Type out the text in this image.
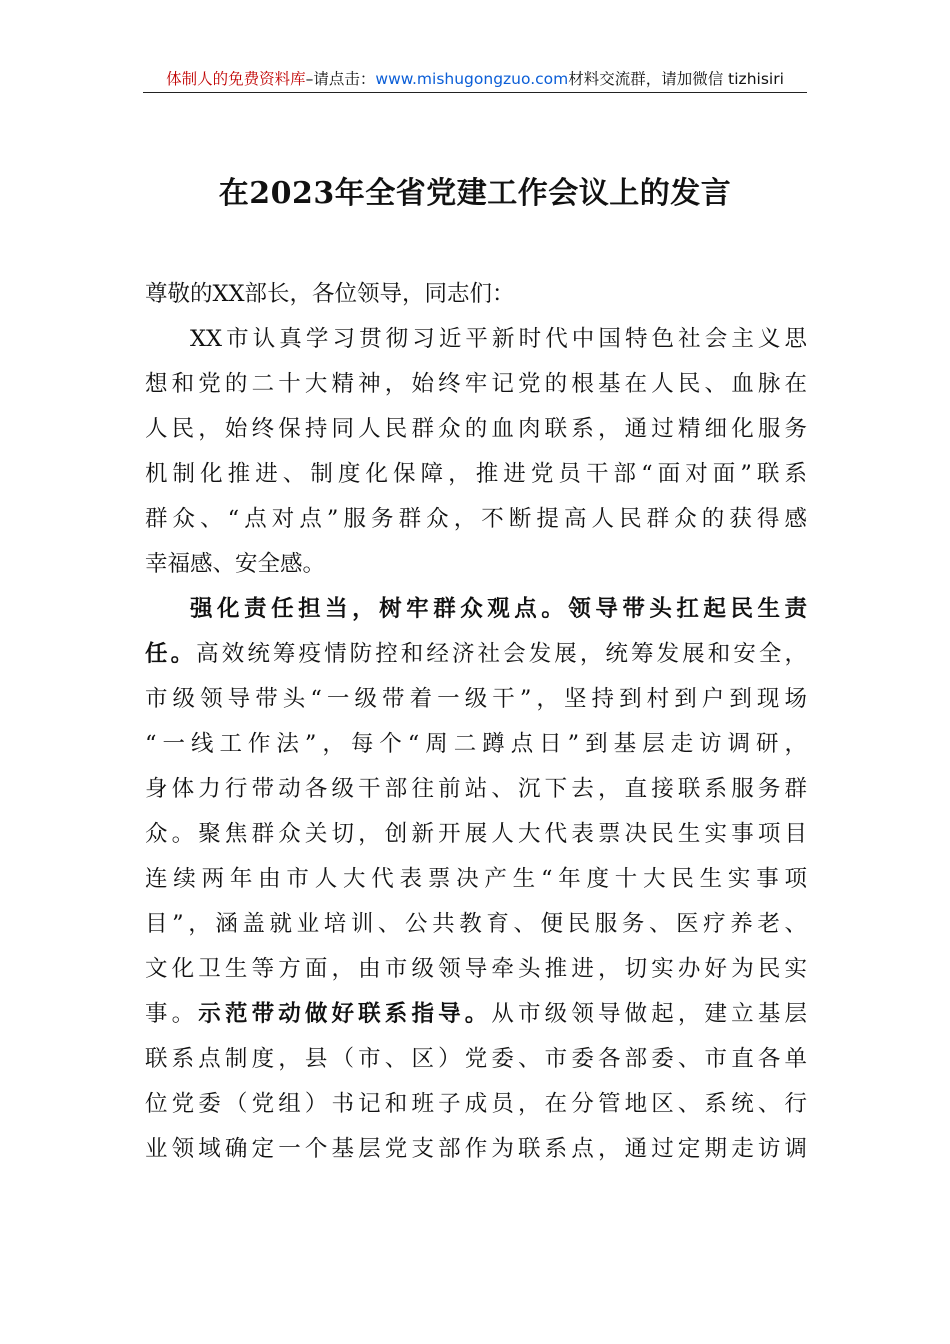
体制人的免费资料库–请点击：www.mishugongzuo.com材料交流群，请加微信 tizhisiri
在2023年全省党建工作会议上的发言
尊敬的XX部长，各位领导，同志们：
XX市认真学习贯彻习近平新时代中国特色社会主义思
想和党的二十大精神，始终牢记党的根基在人民、血脉在
人民，始终保持同人民群众的血肉联系，通过精细化服务
机制化推进、制度化保障，推进党员干部“面对面”联系
群众、“点对点”服务群众，不断提高人民群众的获得感
幸福感、安全感。
强化责任担当，树牢群众观点。领导带头扛起民生责
任。高效统筹疫情防控和经济社会发展，统筹发展和安全，
市级领导带头“一级带着一级干”，坚持到村到户到现场
“一线工作法”，每个“周二蹲点日”到基层走访调研，
身体力行带动各级干部往前站、沉下去，直接联系服务群
众。聚焦群众关切，创新开展人大代表票决民生实事项目
连续两年由市人大代表票决产生“年度十大民生实事项
目”，涵盖就业培训、公共教育、便民服务、医疗养老、
文化卫生等方面，由市级领导牵头推进，切实办好为民实
事。示范带动做好联系指导。从市级领导做起，建立基层
联系点制度，县（市、区）党委、市委各部委、市直各单
位党委（党组）书记和班子成员，在分管地区、系统、行
业领域确定一个基层党支部作为联系点，通过定期走访调
